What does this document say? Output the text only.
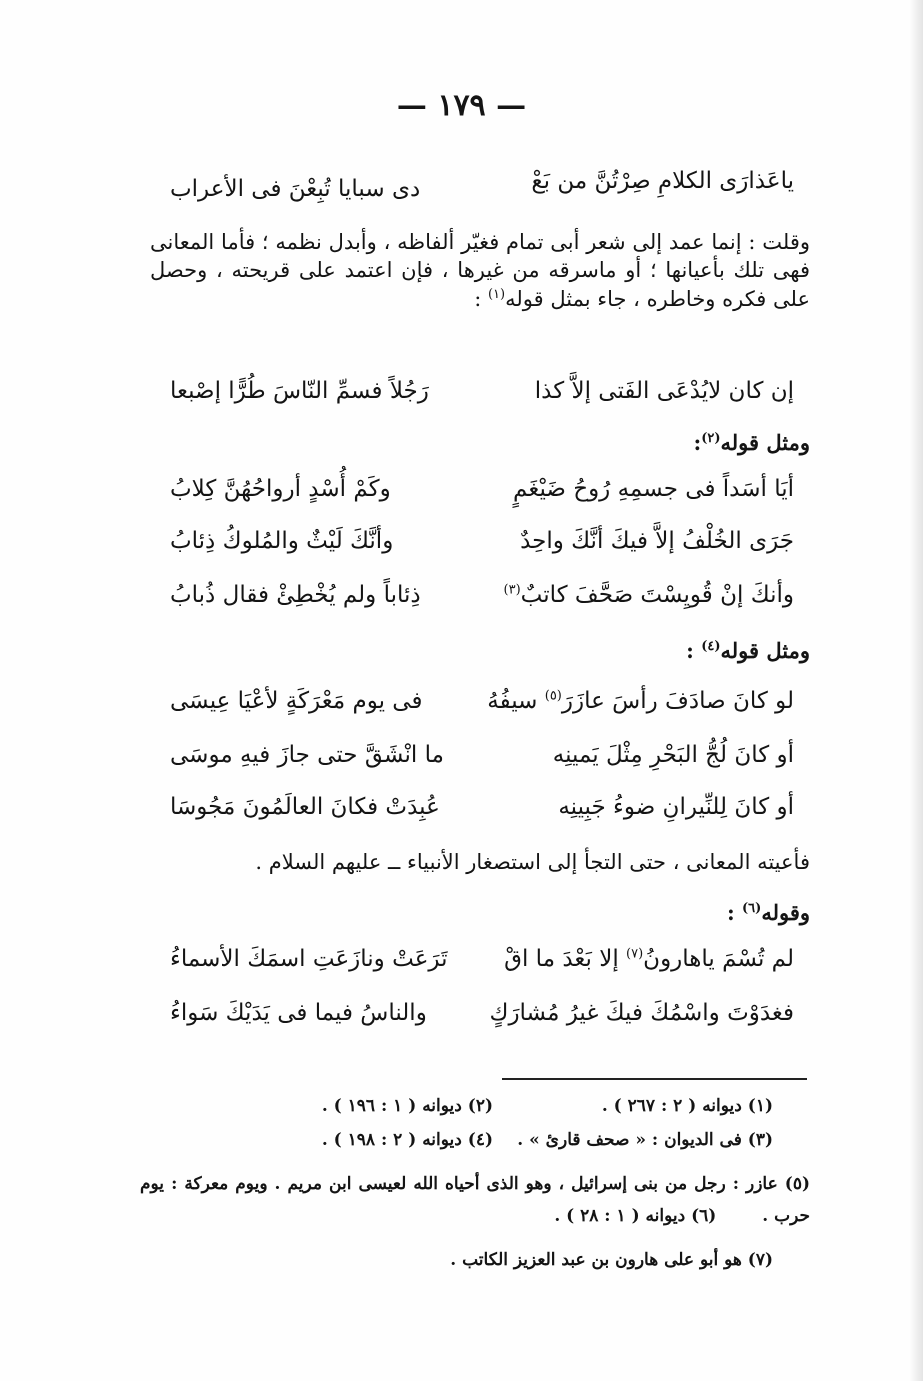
— ١٧٩ —
ياعَذارَى الكلامِ صِرْتُنَّ من بَعْ
دى سبايا تُبِعْنَ فى الأعراب
وقلت : إنما عمد إلى شعر أبى تمام فغيّر ألفاظه ، وأبدل نظمه ؛ فأما المعانى فهى تلك بأعيانها ؛ أو ماسرقه من غيرها ، فإن اعتمد على قريحته ، وحصل على فكره وخاطره ، جاء بمثل قوله$^{(١)}$ :
إن كان لايُدْعَى الفَتى إلاَّ كذا
رَجُلاً فسمِّ النّاسَ طُرًّا إصْبعا
ومثل قوله$^{(٢)}$:
أيَا أسَداً فى جسمِهِ رُوحُ ضَيْغَمٍ
وكَمْ أُسْدٍ أرواحُهُنَّ كِلابُ
جَرَى الخُلْفُ إلاَّ فيكَ أنَّكَ واحِدٌ
وأنَّكَ لَيْثٌ والمُلوكُ ذِئابُ
وأنكَ إنْ قُويِسْتَ صَحَّفَ كاتبٌ$^{(٣)}$
ذِئاباً ولم يُخْطِئْ فقال ذُبابُ
ومثل قوله$^{(٤)}$ :
لو كانَ صادَفَ رأسَ عازَرَ$^{(٥)}$ سيفُهُ
فى يوم مَعْرَكَةٍ لأعْيَا عِيسَى
أو كانَ لُجُّ البَحْرِ مِثْلَ يَمينِه
ما انْشَقَّ حتى جازَ فيهِ موسَى
أو كانَ لِلنِّيرانِ ضوءُ جَبِينِه
عُبِدَتْ فكانَ العالَمُونَ مَجُوسَا
فأعيته المعانى ، حتى التجأ إلى استصغار الأنبياء ــ عليهم السلام .
وقوله$^{(٦)}$ :
لم تُسْمَ ياهارونُ$^{(٧)}$ إلا بَعْدَ ما اقْ
تَرَعَتْ ونازَعَتِ اسمَكَ الأسماءُ
فغدَوْتَ واسْمُكَ فيكَ غيرُ مُشارَكٍ
والناسُ فيما فى يَدَيْكَ سَواءُ
(١) ديوانه ( ٢ : ٢٦٧ ) .
(٢) ديوانه ( ١ : ١٩٦ ) .
(٣) فى الديوان : « صحف قارئ » .
(٤) ديوانه ( ٢ : ١٩٨ ) .
(٥) عازر : رجل من بنى إسرائيل ، وهو الذى أحياه الله لعيسى ابن مريم . ويوم معركة : يوم حرب . (٦) ديوانه ( ١ : ٢٨ ) .
(٧) هو أبو على هارون بن عبد العزيز الكاتب .
